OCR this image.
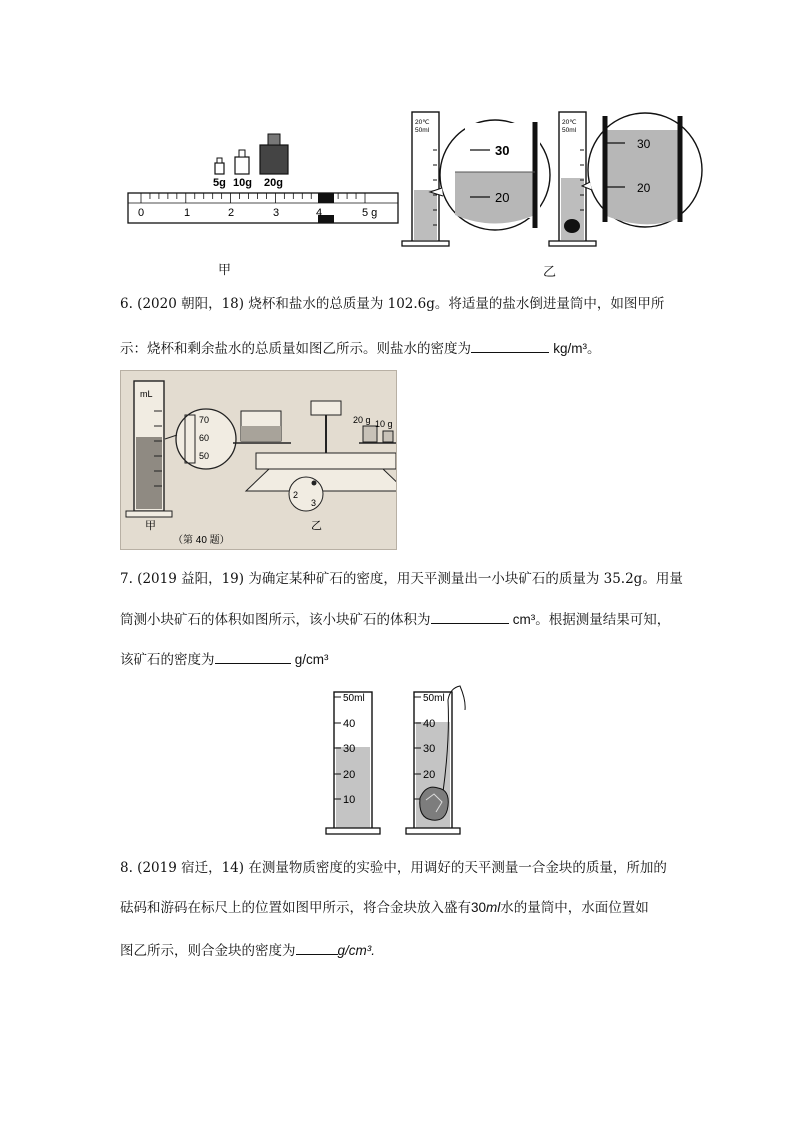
5g 10g 20g
0	1	2	3	4	5 g
20℃
50ml
30
20
20℃
50ml
30
20
甲	乙
6. (2020 朝阳，18) 烧杯和盐水的总质量为 102.6g。将适量的盐水倒进量筒中，如图甲所
示：烧杯和剩余盐水的总质量如图乙所示。则盐水的密度为	kg/m³。
mL
70
60
50
20 g 10 g
2
3
甲	乙
（第 40 题）
7. (2019 益阳，19) 为确定某种矿石的密度，用天平测量出一小块矿石的质量为 35.2g。用量
筒测小块矿石的体积如图所示，该小块矿石的体积为	cm³。根据测量结果可知，
该矿石的密度为	g/cm³
50ml
40
30
20
10
50ml
40
30
20
8. (2019 宿迁，14) 在测量物质密度的实验中，用调好的天平测量一合金块的质量，所加的
砝码和游码在标尺上的位置如图甲所示，将合金块放入盛有30ml水的量筒中，水面位置如
图乙所示，则合金块的密度为	g/cm³.
